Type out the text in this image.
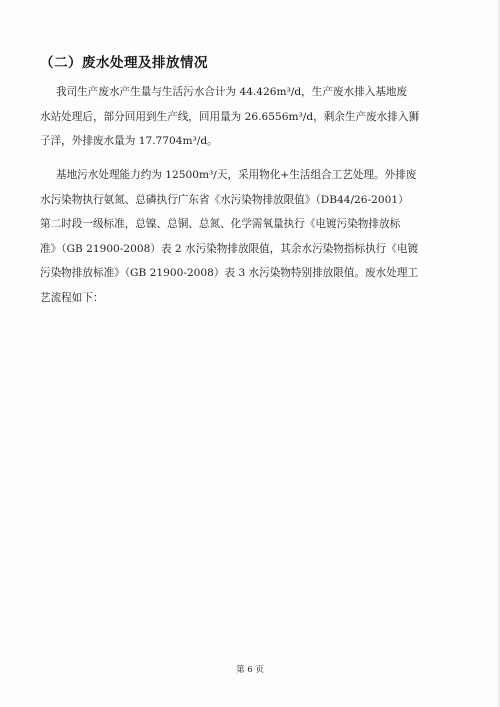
（二）废水处理及排放情况
我司生产废水产生量与生活污水合计为 44.426m³/d，生产废水排入基地废
水站处理后，部分回用到生产线，回用量为 26.6556m³/d，剩余生产废水排入狮
子洋，外排废水量为 17.7704m³/d。
基地污水处理能力约为 12500m³/天，采用物化+生活组合工艺处理。外排废
水污染物执行氨氮、总磷执行广东省《水污染物排放限值》（DB44/26-2001）
第二时段一级标准，总镍、总铜、总氮、化学需氧量执行《电镀污染物排放标
准》（GB 21900-2008）表 2 水污染物排放限值，其余水污染物指标执行《电镀
污染物排放标准》（GB 21900-2008）表 3 水污染物特别排放限值。废水处理工
艺流程如下：
第 6 页
